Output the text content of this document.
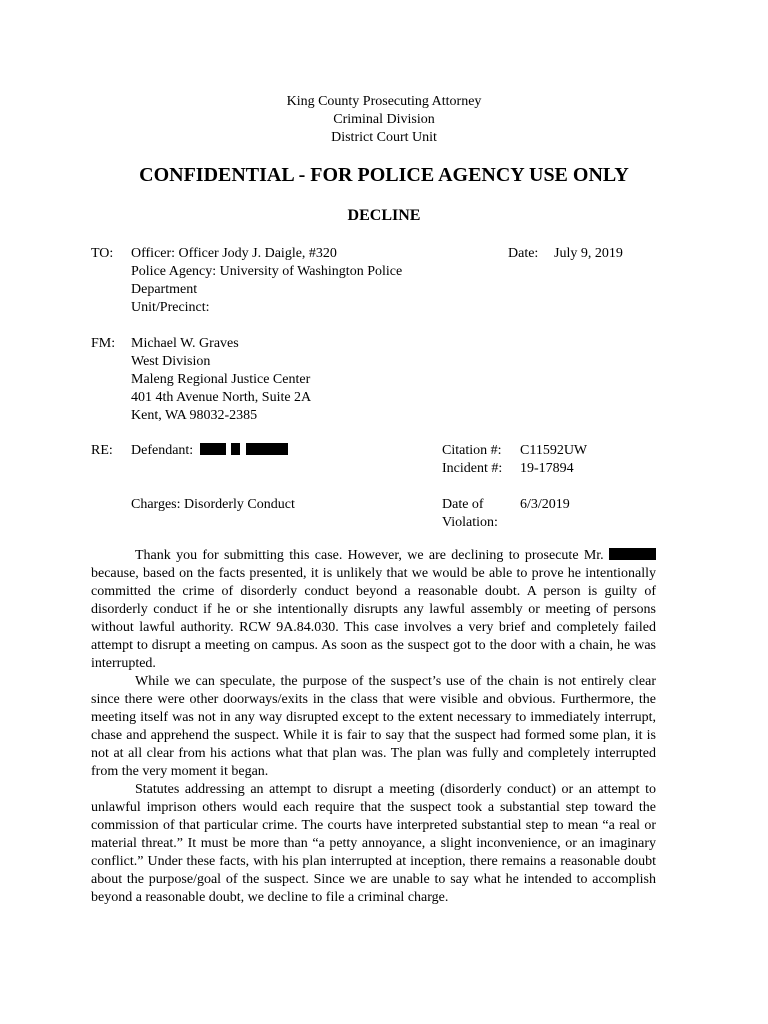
King County Prosecuting Attorney
Criminal Division
District Court Unit
CONFIDENTIAL - FOR POLICE AGENCY USE ONLY
DECLINE
TO: Officer: Officer Jody J. Daigle, #320
Police Agency: University of Washington Police
Department
Unit/Precinct:
Date: July 9, 2019
FM: Michael W. Graves
West Division
Maleng Regional Justice Center
401 4th Avenue North, Suite 2A
Kent, WA 98032-2385
RE: Defendant:	Citation #: C11592UW
Incident #: 19-17894
Charges: Disorderly Conduct	Date of
Violation:
6/3/2019

Thank you for submitting this case. However, we are declining to prosecute Mr.  because, based on the facts presented, it is unlikely that we would be able to prove he intentionally committed the crime of disorderly conduct beyond a reasonable doubt. A person is guilty of disorderly conduct if he or she intentionally disrupts any lawful assembly or meeting of persons without lawful authority. RCW 9A.84.030. This case involves a very brief and completely failed attempt to disrupt a meeting on campus. As soon as the suspect got to the door with a chain, he was interrupted.

While we can speculate, the purpose of the suspect’s use of the chain is not entirely clear since there were other doorways/exits in the class that were visible and obvious. Furthermore, the meeting itself was not in any way disrupted except to the extent necessary to immediately interrupt, chase and apprehend the suspect. While it is fair to say that the suspect had formed some plan, it is not at all clear from his actions what that plan was. The plan was fully and completely interrupted from the very moment it began.

Statutes addressing an attempt to disrupt a meeting (disorderly conduct) or an attempt to unlawful imprison others would each require that the suspect took a substantial step toward the commission of that particular crime. The courts have interpreted substantial step to mean “a real or material threat.” It must be more than “a petty annoyance, a slight inconvenience, or an imaginary conflict.” Under these facts, with his plan interrupted at inception, there remains a reasonable doubt about the purpose/goal of the suspect. Since we are unable to say what he intended to accomplish beyond a reasonable doubt, we decline to file a criminal charge.
